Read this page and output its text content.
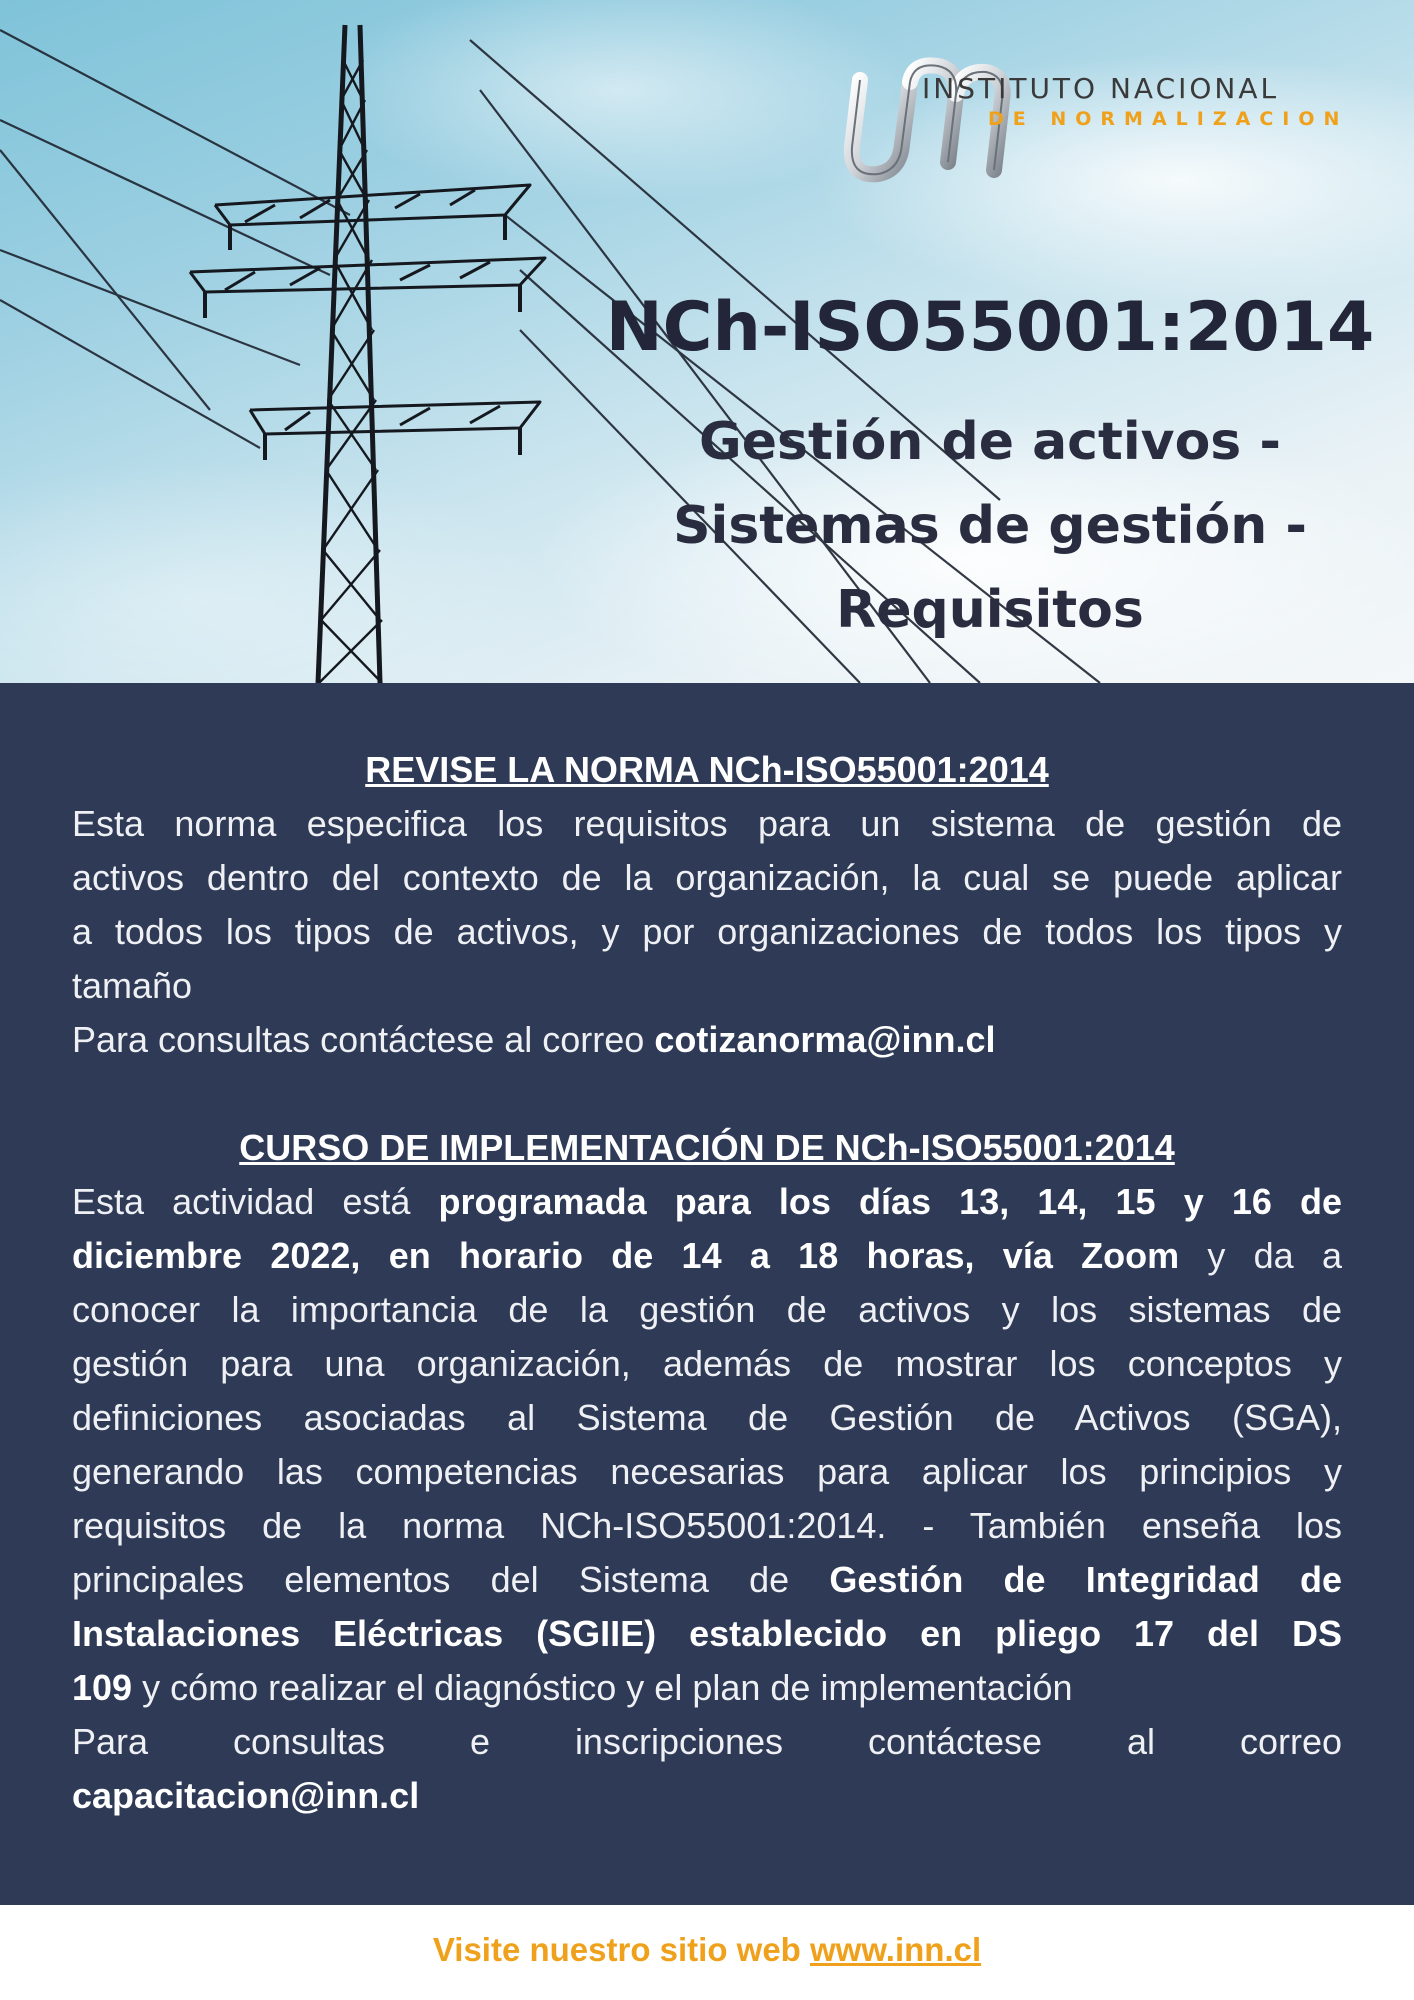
INSTITUTO NACIONAL
DE NORMALIZACION
NCh-ISO55001:2014
Gestión de activos -
Sistemas de gestión -
Requisitos
REVISE LA NORMA NCh-ISO55001:2014
Esta norma especifica los requisitos para un sistema de gestión de
activos dentro del contexto de la organización, la cual se puede aplicar
a todos los tipos de activos, y por organizaciones de todos los tipos y
tamaño
Para consultas contáctese al correo cotizanorma@inn.cl
CURSO DE IMPLEMENTACIÓN DE NCh-ISO55001:2014
Esta actividad está programada para los días 13, 14, 15 y 16 de
diciembre 2022, en horario de 14 a 18 horas, vía Zoom y da a
conocer la importancia de la gestión de activos y los sistemas de
gestión para una organización, además de mostrar los conceptos y
definiciones asociadas al Sistema de Gestión de Activos (SGA),
generando las competencias necesarias para aplicar los principios y
requisitos de la norma NCh-ISO55001:2014. - También enseña los
principales elementos del Sistema de Gestión de Integridad de
Instalaciones Eléctricas (SGIIE) establecido en pliego 17 del DS
109 y cómo realizar el diagnóstico y el plan de implementación
Para consultas e inscripciones contáctese al correo
capacitacion@inn.cl
Visite nuestro sitio web www.inn.cl
